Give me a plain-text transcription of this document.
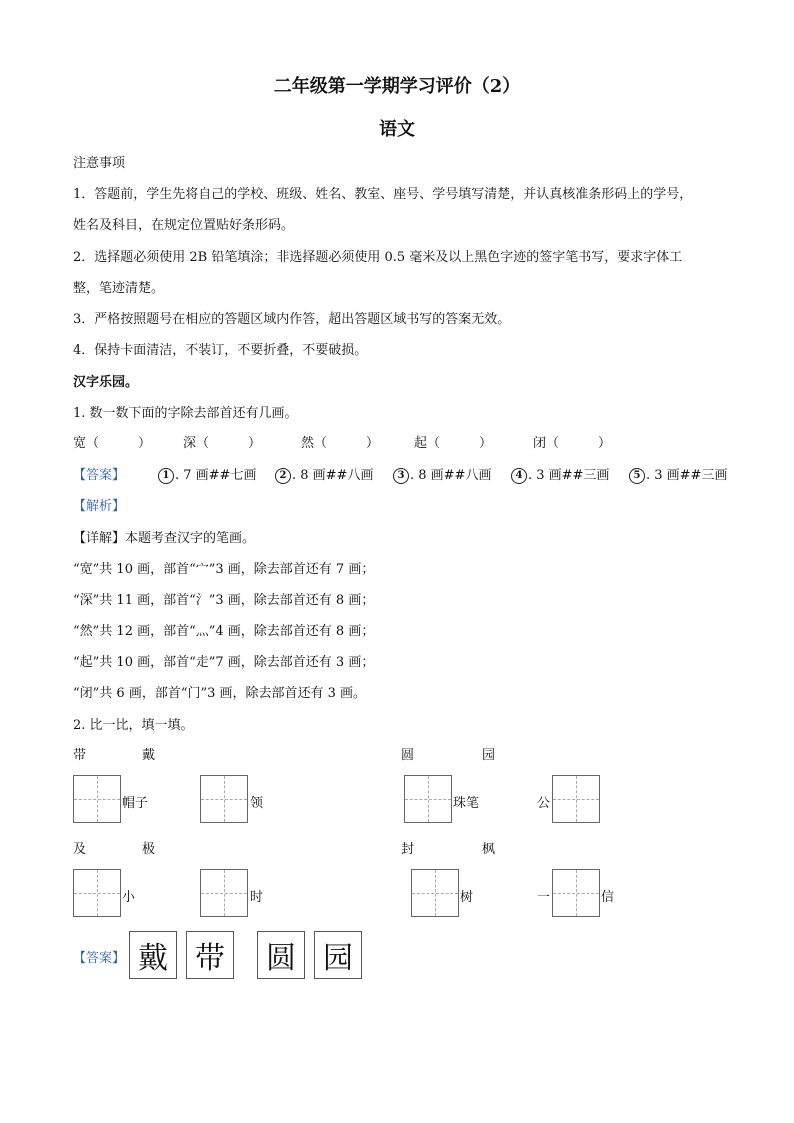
二年级第一学期学习评价（2）
语文
注意事项
1．答题前，学生先将自己的学校、班级、姓名、教室、座号、学号填写清楚，并认真核准条形码上的学号，
姓名及科目，在规定位置贴好条形码。
2．选择题必须使用 2B 铅笔填涂；非选择题必须使用 0.5 毫米及以上黑色字迹的签字笔书写，要求字体工
整，笔迹清楚。
3．严格按照题号在相应的答题区域内作答，超出答题区域书写的答案无效。
4．保持卡面清洁，不装订，不要折叠，不要破损。
汉字乐园。
1. 数一数下面的字除去部首还有几画。
宽（　　　） 深（　　　）	然（　　　）	起（　　　）	闭（　　　）
【答案】	1 . 7 画##七画	2 . 8 画##八画	3 . 8 画##八画	4 . 3 画##三画	5 . 3 画##三画
【解析】
【详解】本题考查汉字的笔画。
“宽”共 10 画，部首“宀”3 画，除去部首还有 7 画；
“深”共 11 画，部首“氵”3 画，除去部首还有 8 画；
“然”共 12 画，部首“灬”4 画，除去部首还有 8 画；
“起”共 10 画，部首“走”7 画，除去部首还有 3 画；
“闭”共 6 画，部首“门”3 画，除去部首还有 3 画。
2. 比一比，填一填。
带	戴	圆	园
帽子	领	珠笔	公
及	极	封	枫
小	时	树	一	信
【答案】 戴 带	圆 园
